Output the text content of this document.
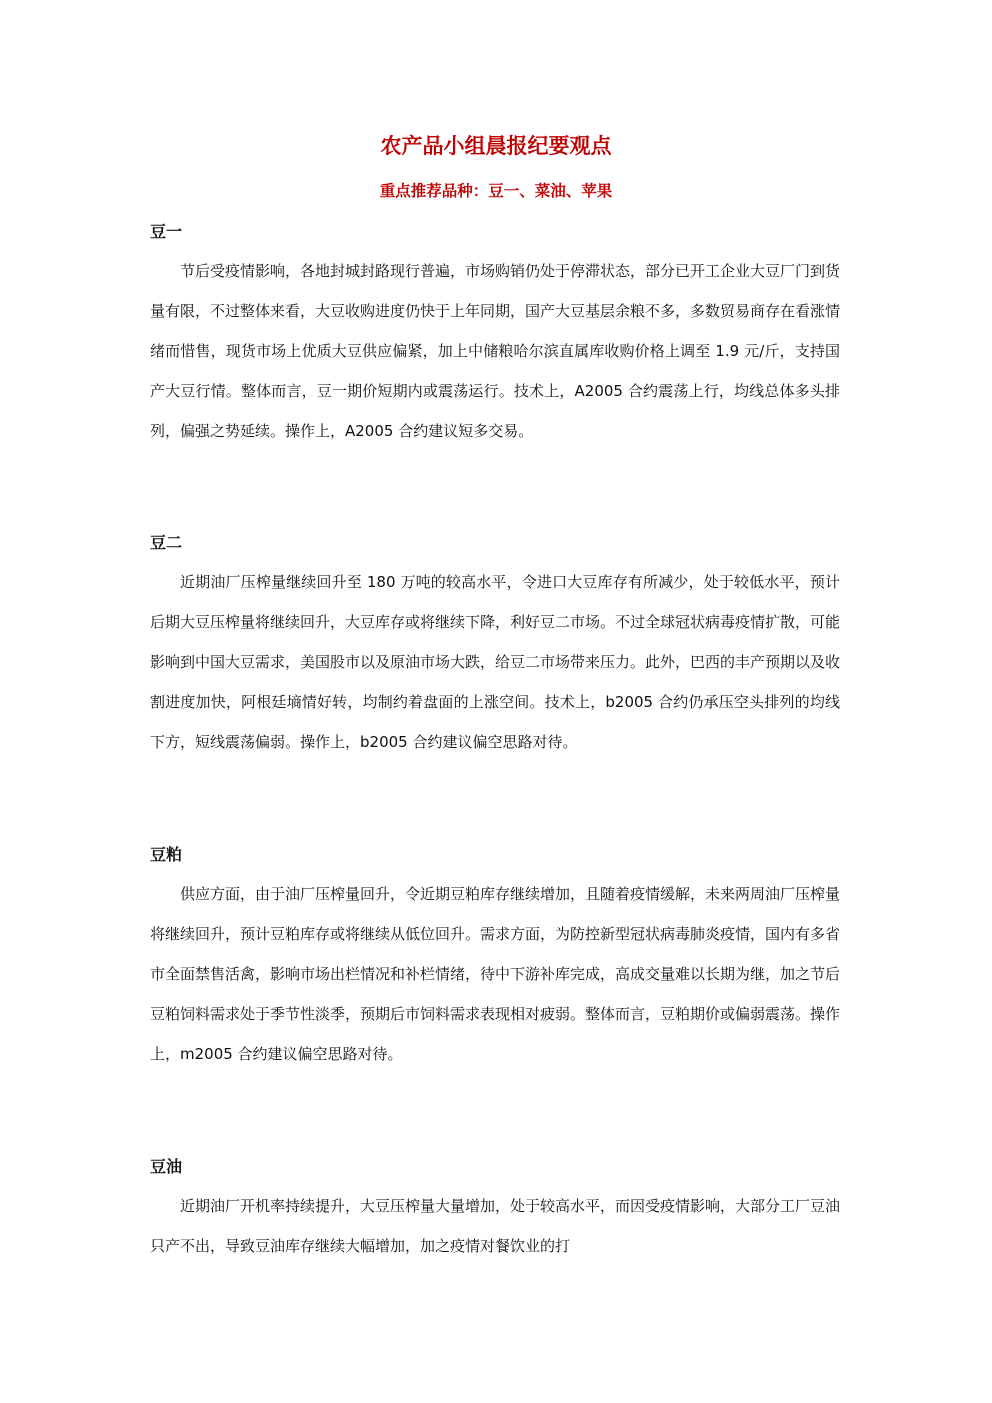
农产品小组晨报纪要观点
重点推荐品种：豆一、菜油、苹果
豆一

节后受疫情影响，各地封城封路现行普遍，市场购销仍处于停滞状态，部分已开工企业大豆厂门到货量有限，不过整体来看，大豆收购进度仍快于上年同期，国产大豆基层余粮不多，多数贸易商存在看涨情绪而惜售，现货市场上优质大豆供应偏紧，加上中储粮哈尔滨直属库收购价格上调至 1.9 元/斤，支持国产大豆行情。整体而言，豆一期价短期内或震荡运行。技术上，A2005 合约震荡上行，均线总体多头排列，偏强之势延续。操作上，A2005 合约建议短多交易。

豆二

近期油厂压榨量继续回升至 180 万吨的较高水平，令进口大豆库存有所减少，处于较低水平，预计后期大豆压榨量将继续回升，大豆库存或将继续下降，利好豆二市场。不过全球冠状病毒疫情扩散，可能影响到中国大豆需求，美国股市以及原油市场大跌，给豆二市场带来压力。此外，巴西的丰产预期以及收割进度加快，阿根廷墒情好转，均制约着盘面的上涨空间。技术上，b2005 合约仍承压空头排列的均线下方，短线震荡偏弱。操作上，b2005 合约建议偏空思路对待。

豆粕

供应方面，由于油厂压榨量回升，令近期豆粕库存继续增加，且随着疫情缓解，未来两周油厂压榨量将继续回升，预计豆粕库存或将继续从低位回升。需求方面，为防控新型冠状病毒肺炎疫情，国内有多省市全面禁售活禽，影响市场出栏情况和补栏情绪，待中下游补库完成，高成交量难以长期为继，加之节后豆粕饲料需求处于季节性淡季，预期后市饲料需求表现相对疲弱。整体而言，豆粕期价或偏弱震荡。操作上，m2005 合约建议偏空思路对待。

豆油

近期油厂开机率持续提升，大豆压榨量大量增加，处于较高水平，而因受疫情影响，大部分工厂豆油只产不出，导致豆油库存继续大幅增加，加之疫情对餐饮业的打
